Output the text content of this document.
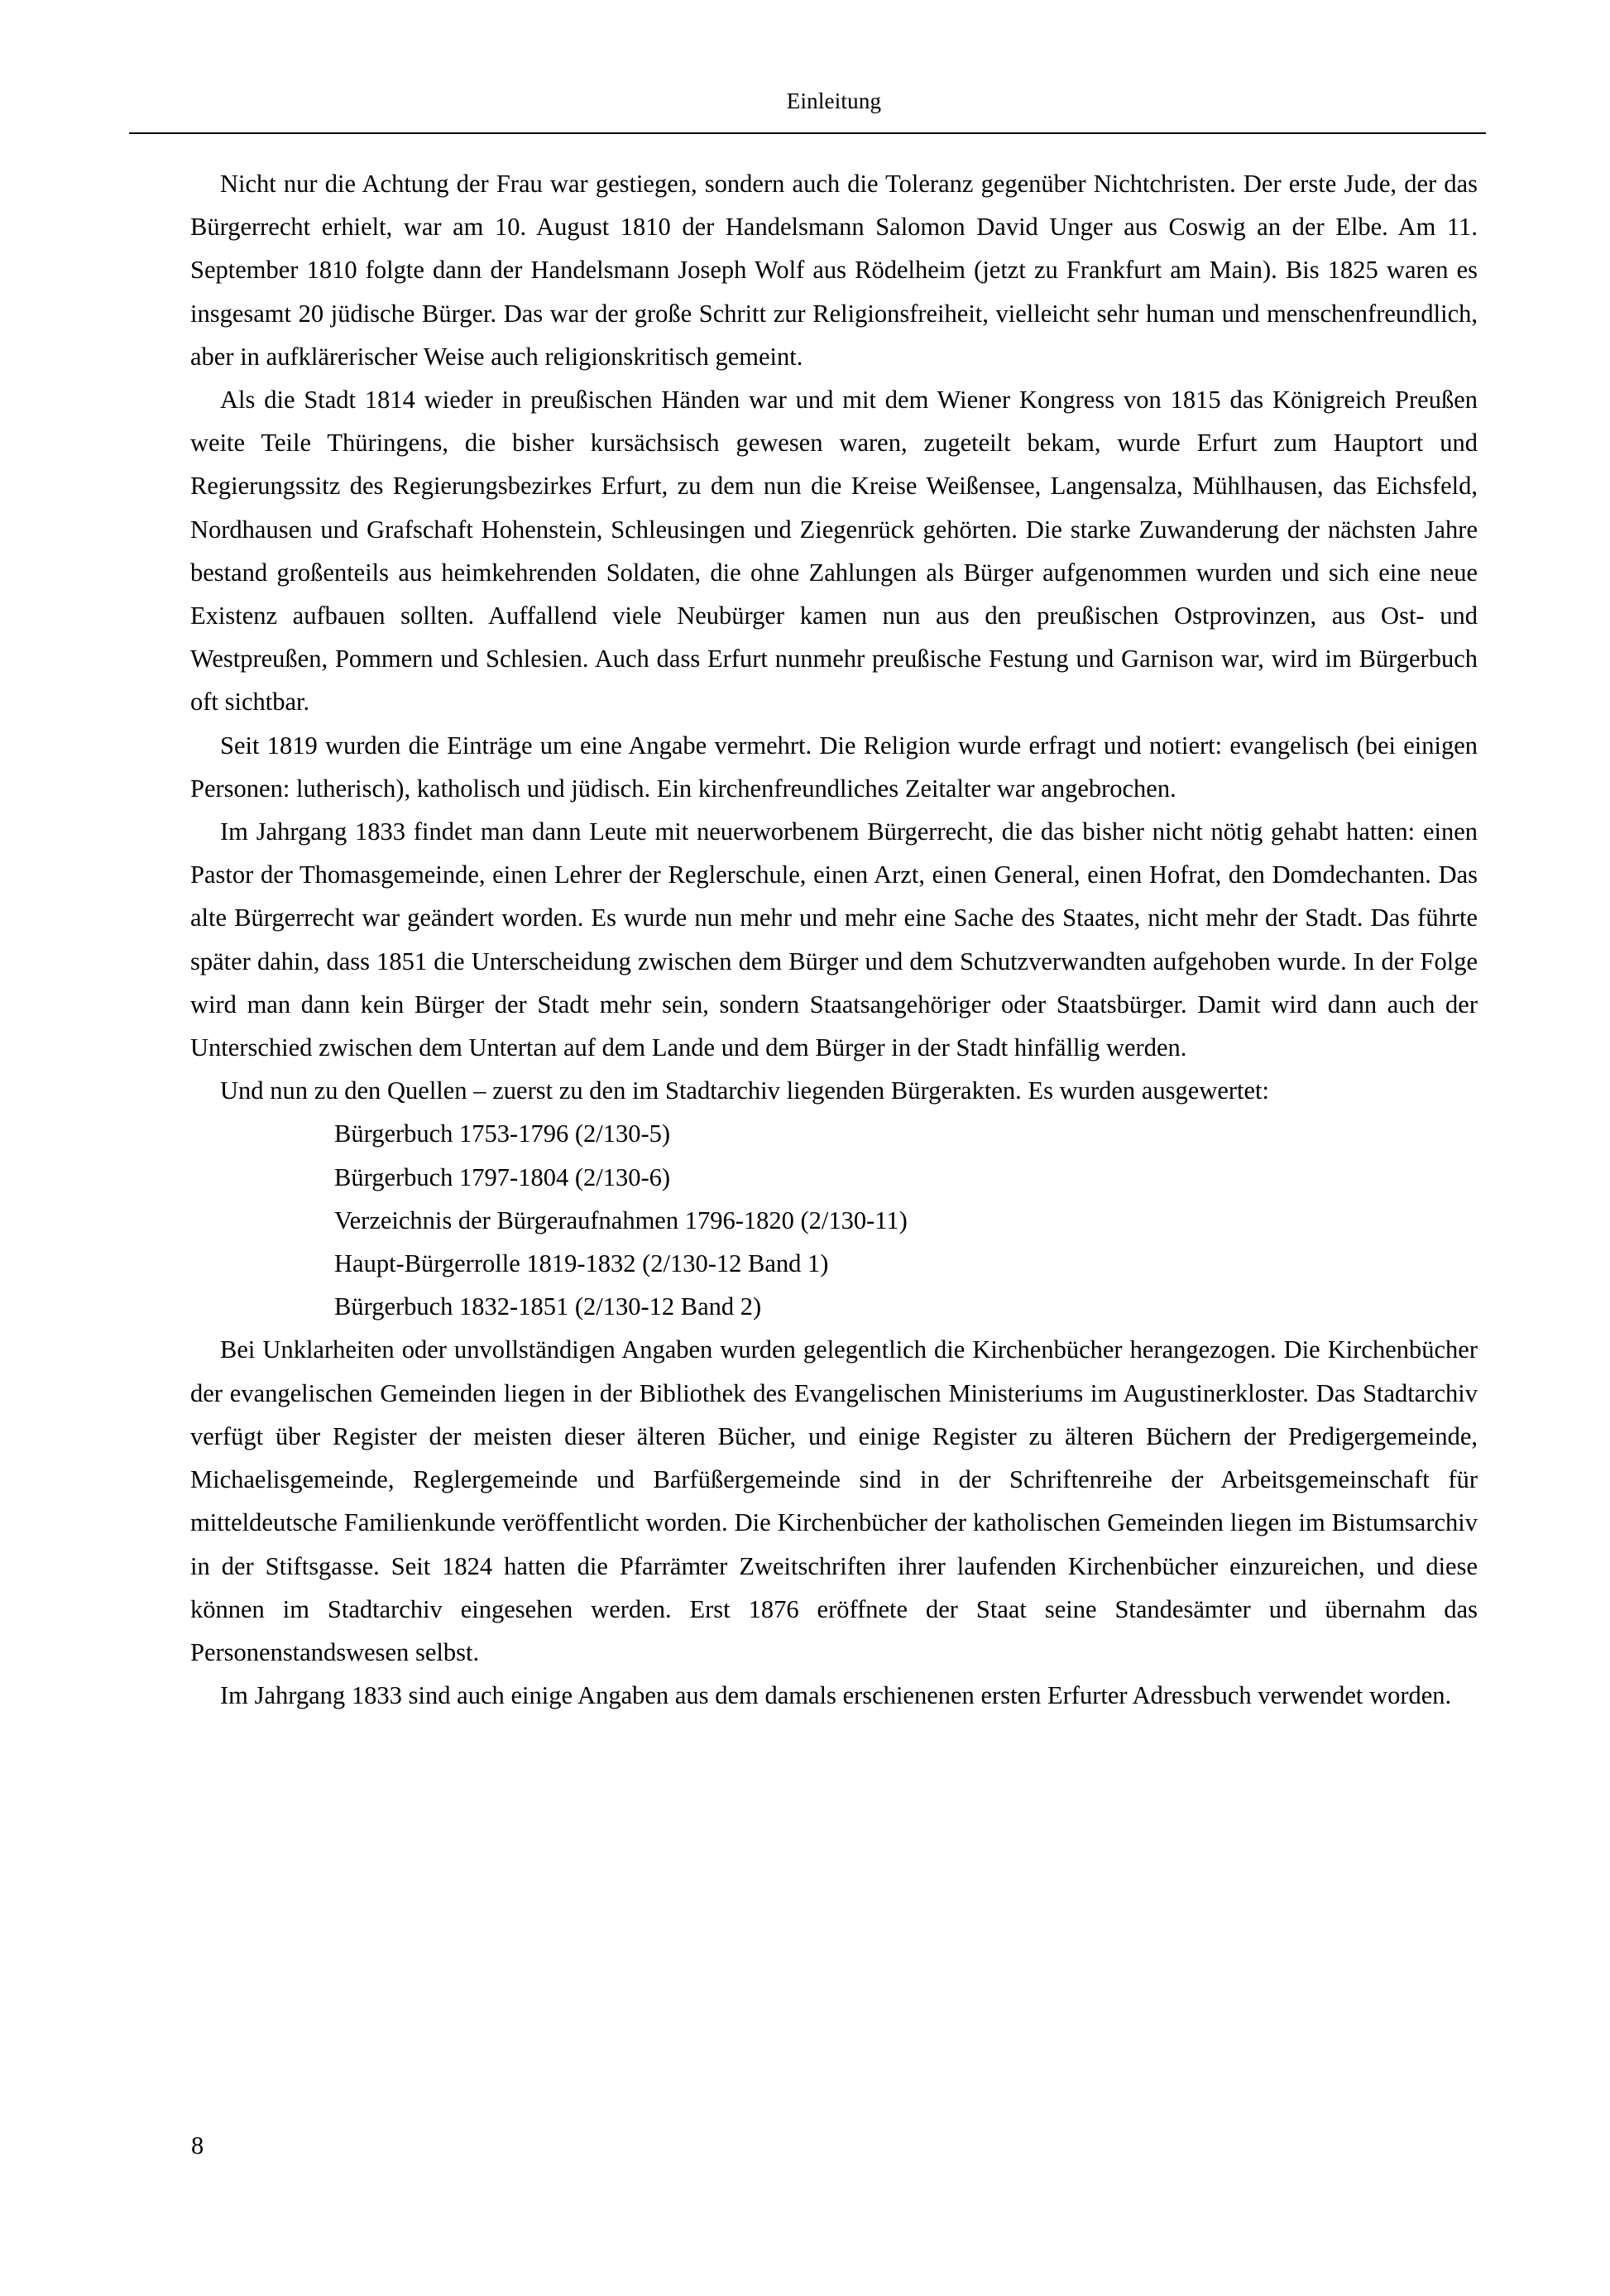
Einleitung

Nicht nur die Achtung der Frau war gestiegen, sondern auch die Toleranz gegenüber Nichtchristen. Der erste Jude, der das Bürgerrecht erhielt, war am 10. August 1810 der Handelsmann Salomon David Unger aus Coswig an der Elbe. Am 11. September 1810 folgte dann der Handelsmann Joseph Wolf aus Rödelheim (jetzt zu Frankfurt am Main). Bis 1825 waren es insgesamt 20 jüdische Bürger. Das war der große Schritt zur Religionsfreiheit, vielleicht sehr human und menschenfreundlich, aber in aufklärerischer Weise auch religionskritisch gemeint.

Als die Stadt 1814 wieder in preußischen Händen war und mit dem Wiener Kongress von 1815 das Königreich Preußen weite Teile Thüringens, die bisher kursächsisch gewesen waren, zugeteilt bekam, wurde Erfurt zum Hauptort und Regierungssitz des Regierungsbezirkes Erfurt, zu dem nun die Kreise Weißensee, Langensalza, Mühlhausen, das Eichsfeld, Nordhausen und Grafschaft Hohenstein, Schleusingen und Ziegenrück gehörten. Die starke Zuwanderung der nächsten Jahre bestand großenteils aus heimkehrenden Soldaten, die ohne Zahlungen als Bürger aufgenommen wurden und sich eine neue Existenz aufbauen sollten. Auffallend viele Neubürger kamen nun aus den preußischen Ostprovinzen, aus Ost- und Westpreußen, Pommern und Schlesien. Auch dass Erfurt nunmehr preußische Festung und Garnison war, wird im Bürgerbuch oft sichtbar.

Seit 1819 wurden die Einträge um eine Angabe vermehrt. Die Religion wurde erfragt und notiert: evangelisch (bei einigen Personen: lutherisch), katholisch und jüdisch. Ein kirchenfreundliches Zeitalter war angebrochen.

Im Jahrgang 1833 findet man dann Leute mit neuerworbenem Bürgerrecht, die das bisher nicht nötig gehabt hatten: einen Pastor der Thomasgemeinde, einen Lehrer der Reglerschule, einen Arzt, einen General, einen Hofrat, den Domdechanten. Das alte Bürgerrecht war geändert worden. Es wurde nun mehr und mehr eine Sache des Staates, nicht mehr der Stadt. Das führte später dahin, dass 1851 die Unterscheidung zwischen dem Bürger und dem Schutzverwandten aufgehoben wurde. In der Folge wird man dann kein Bürger der Stadt mehr sein, sondern Staatsangehöriger oder Staatsbürger. Damit wird dann auch der Unterschied zwischen dem Untertan auf dem Lande und dem Bürger in der Stadt hinfällig werden.

Und nun zu den Quellen – zuerst zu den im Stadtarchiv liegenden Bürgerakten. Es wurden ausgewertet:

Bürgerbuch 1753-1796 (2/130-5)
Bürgerbuch 1797-1804 (2/130-6)
Verzeichnis der Bürgeraufnahmen 1796-1820 (2/130-11)
Haupt-Bürgerrolle 1819-1832 (2/130-12 Band 1)
Bürgerbuch 1832-1851 (2/130-12 Band 2)

Bei Unklarheiten oder unvollständigen Angaben wurden gelegentlich die Kirchenbücher herangezogen. Die Kirchenbücher der evangelischen Gemeinden liegen in der Bibliothek des Evangelischen Ministeriums im Augustinerkloster. Das Stadtarchiv verfügt über Register der meisten dieser älteren Bücher, und einige Register zu älteren Büchern der Predigergemeinde, Michaelisgemeinde, Reglergemeinde und Barfüßergemeinde sind in der Schriftenreihe der Arbeitsgemeinschaft für mitteldeutsche Familienkunde veröffentlicht worden. Die Kirchenbücher der katholischen Gemeinden liegen im Bistumsarchiv in der Stiftsgasse. Seit 1824 hatten die Pfarrämter Zweitschriften ihrer laufenden Kirchenbücher einzureichen, und diese können im Stadtarchiv eingesehen werden. Erst 1876 eröffnete der Staat seine Standesämter und übernahm das Personenstandswesen selbst.

Im Jahrgang 1833 sind auch einige Angaben aus dem damals erschienenen ersten Erfurter Adressbuch verwendet worden.

8
